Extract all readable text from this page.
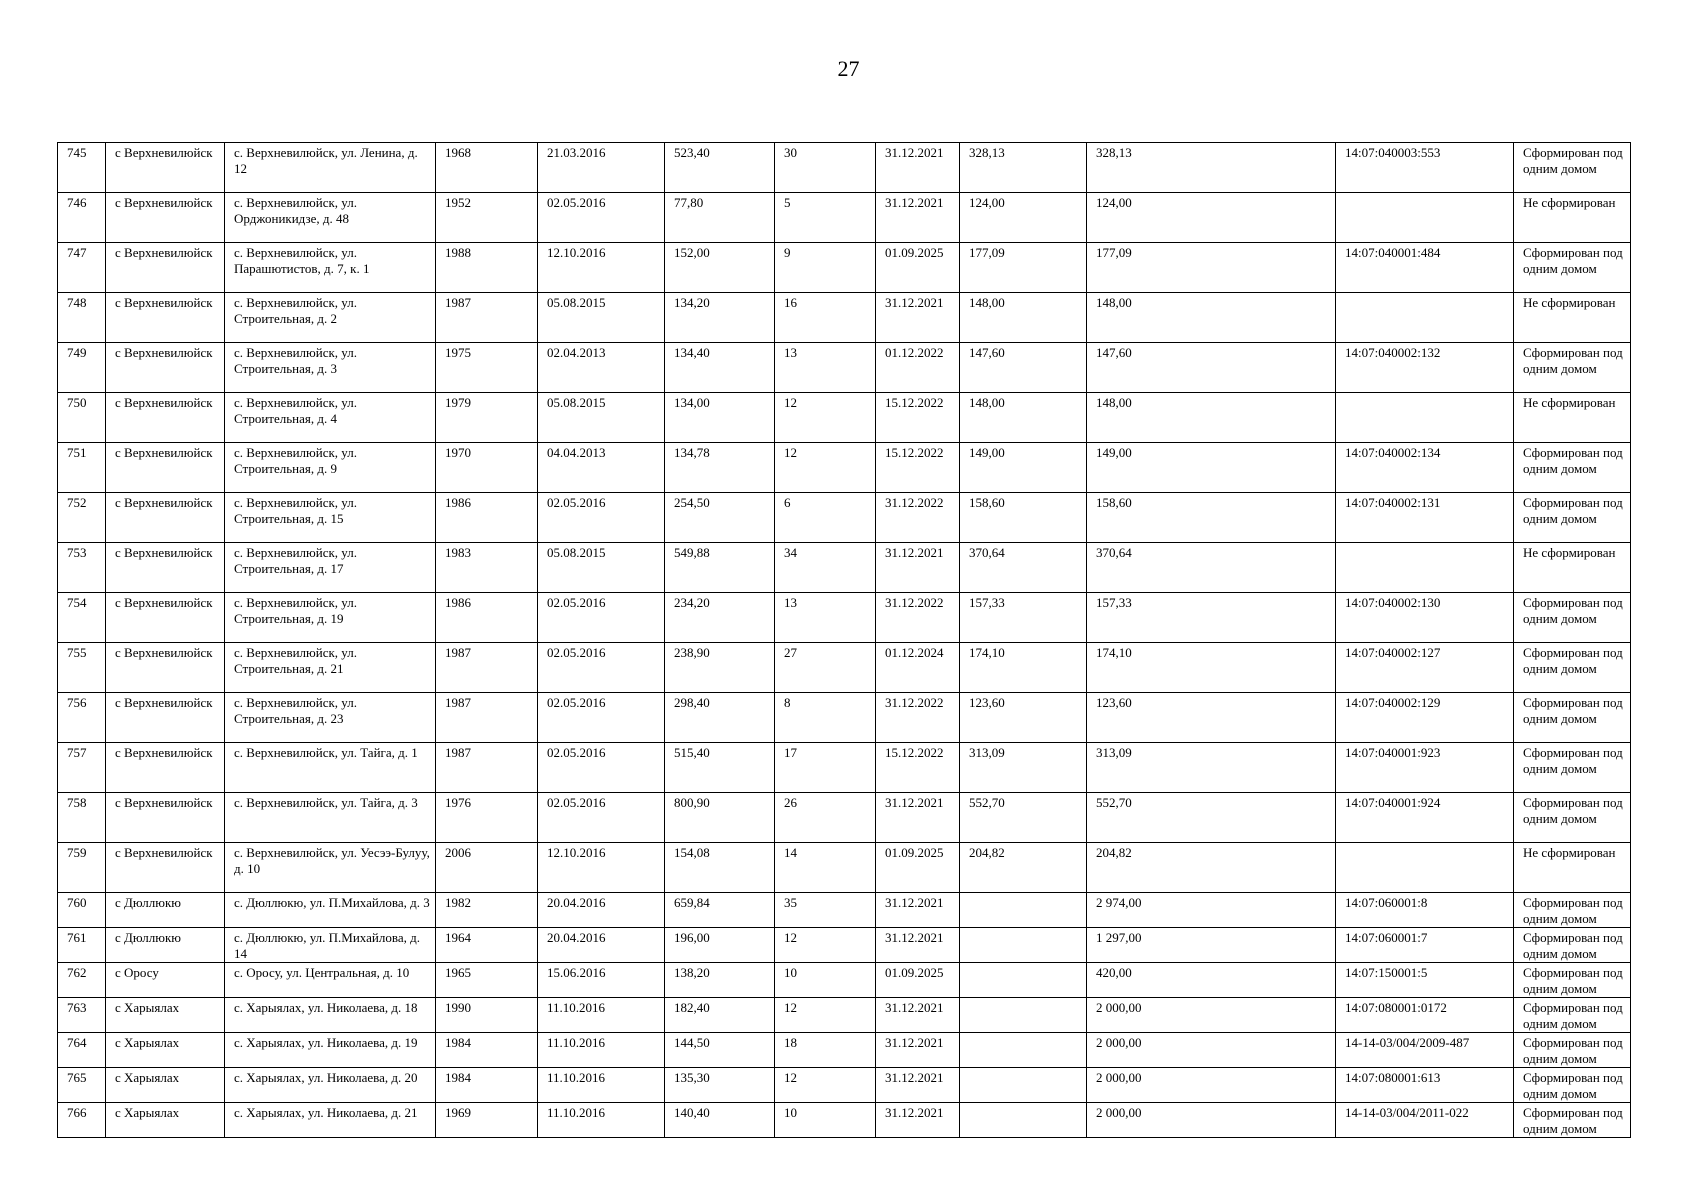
27
745	с Верхневилюйск	с. Верхневилюйск, ул. Ленина, д. 12	1968	21.03.2016	523,40	30	31.12.2021	328,13	328,13	14:07:040003:553	Сформирован под одним домом
746	с Верхневилюйск	с. Верхневилюйск, ул. Орджоникидзе, д. 48	1952	02.05.2016	77,80	5	31.12.2021	124,00	124,00		Не сформирован
747	с Верхневилюйск	с. Верхневилюйск, ул. Парашютистов, д. 7, к. 1	1988	12.10.2016	152,00	9	01.09.2025	177,09	177,09	14:07:040001:484	Сформирован под одним домом
748	с Верхневилюйск	с. Верхневилюйск, ул. Строительная, д. 2	1987	05.08.2015	134,20	16	31.12.2021	148,00	148,00		Не сформирован
749	с Верхневилюйск	с. Верхневилюйск, ул. Строительная, д. 3	1975	02.04.2013	134,40	13	01.12.2022	147,60	147,60	14:07:040002:132	Сформирован под одним домом
750	с Верхневилюйск	с. Верхневилюйск, ул. Строительная, д. 4	1979	05.08.2015	134,00	12	15.12.2022	148,00	148,00		Не сформирован
751	с Верхневилюйск	с. Верхневилюйск, ул. Строительная, д. 9	1970	04.04.2013	134,78	12	15.12.2022	149,00	149,00	14:07:040002:134	Сформирован под одним домом
752	с Верхневилюйск	с. Верхневилюйск, ул. Строительная, д. 15	1986	02.05.2016	254,50	6	31.12.2022	158,60	158,60	14:07:040002:131	Сформирован под одним домом
753	с Верхневилюйск	с. Верхневилюйск, ул. Строительная, д. 17	1983	05.08.2015	549,88	34	31.12.2021	370,64	370,64		Не сформирован
754	с Верхневилюйск	с. Верхневилюйск, ул. Строительная, д. 19	1986	02.05.2016	234,20	13	31.12.2022	157,33	157,33	14:07:040002:130	Сформирован под одним домом
755	с Верхневилюйск	с. Верхневилюйск, ул. Строительная, д. 21	1987	02.05.2016	238,90	27	01.12.2024	174,10	174,10	14:07:040002:127	Сформирован под одним домом
756	с Верхневилюйск	с. Верхневилюйск, ул. Строительная, д. 23	1987	02.05.2016	298,40	8	31.12.2022	123,60	123,60	14:07:040002:129	Сформирован под одним домом
757	с Верхневилюйск	с. Верхневилюйск, ул. Тайга, д. 1	1987	02.05.2016	515,40	17	15.12.2022	313,09	313,09	14:07:040001:923	Сформирован под одним домом
758	с Верхневилюйск	с. Верхневилюйск, ул. Тайга, д. 3	1976	02.05.2016	800,90	26	31.12.2021	552,70	552,70	14:07:040001:924	Сформирован под одним домом
759	с Верхневилюйск	с. Верхневилюйск, ул. Уесээ-Булуу, д. 10	2006	12.10.2016	154,08	14	01.09.2025	204,82	204,82		Не сформирован
760	с Дюллюкю	с. Дюллюкю, ул. П.Михайлова, д. 3	1982	20.04.2016	659,84	35	31.12.2021		2 974,00	14:07:060001:8	Сформирован под одним домом
761	с Дюллюкю	с. Дюллюкю, ул. П.Михайлова, д. 14	1964	20.04.2016	196,00	12	31.12.2021		1 297,00	14:07:060001:7	Сформирован под одним домом
762	с Оросу	с. Оросу, ул. Центральная, д. 10	1965	15.06.2016	138,20	10	01.09.2025		420,00	14:07:150001:5	Сформирован под одним домом
763	с Харыялах	с. Харыялах, ул. Николаева, д. 18	1990	11.10.2016	182,40	12	31.12.2021		2 000,00	14:07:080001:0172	Сформирован под одним домом
764	с Харыялах	с. Харыялах, ул. Николаева, д. 19	1984	11.10.2016	144,50	18	31.12.2021		2 000,00	14-14-03/004/2009-487	Сформирован под одним домом
765	с Харыялах	с. Харыялах, ул. Николаева, д. 20	1984	11.10.2016	135,30	12	31.12.2021		2 000,00	14:07:080001:613	Сформирован под одним домом
766	с Харыялах	с. Харыялах, ул. Николаева, д. 21	1969	11.10.2016	140,40	10	31.12.2021		2 000,00	14-14-03/004/2011-022	Сформирован под одним домом
